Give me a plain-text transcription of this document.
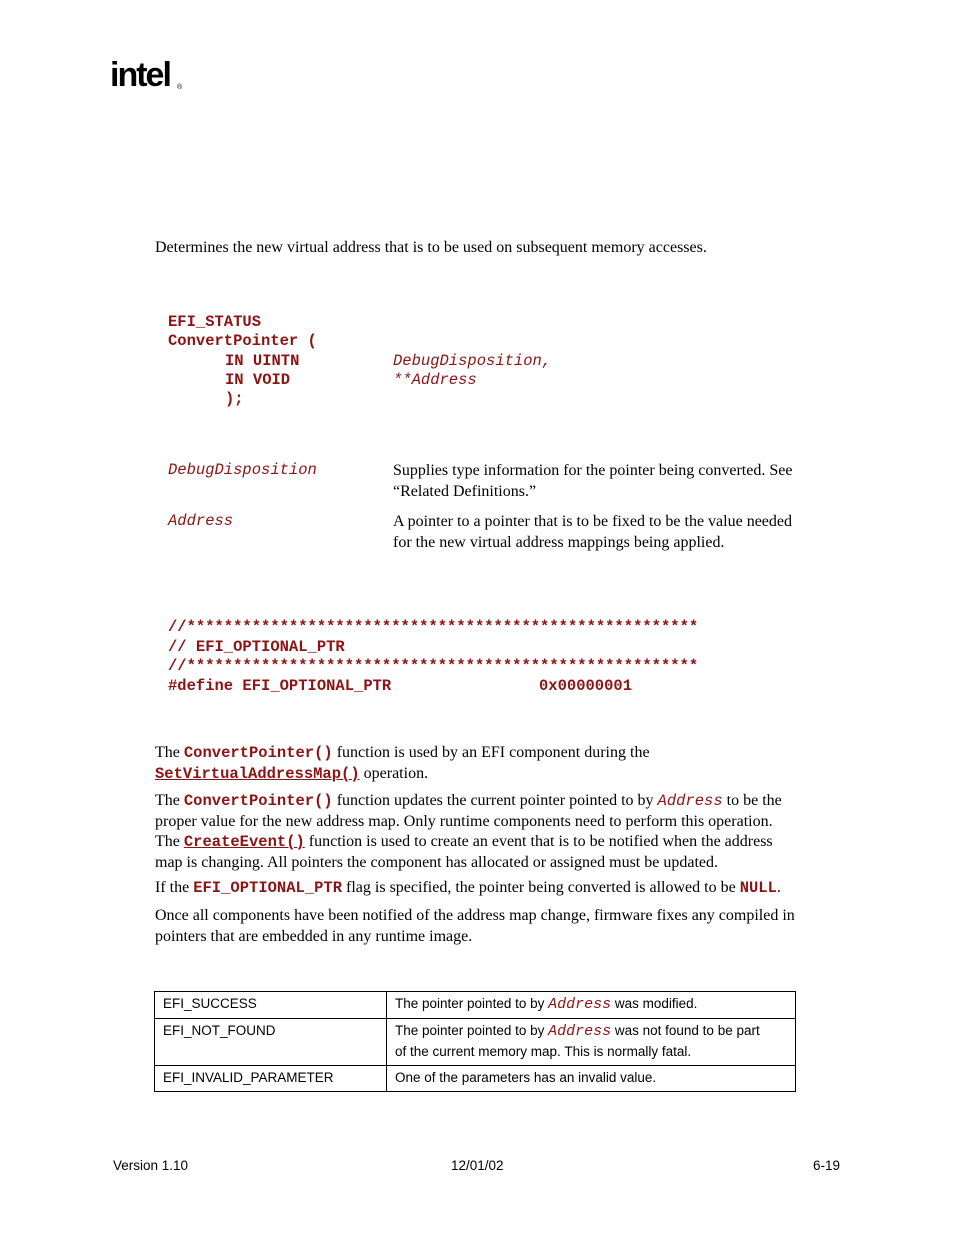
intel ®
Determines the new virtual address that is to be used on subsequent memory accesses.
EFI_STATUS
ConvertPointer (
IN UINTN	DebugDisposition,
IN VOID	**Address
);
DebugDisposition	Supplies type information for the pointer being converted. See
“Related Definitions.”
Address	A pointer to a pointer that is to be fixed to be the value needed
for the new virtual address mappings being applied.
//*******************************************************
// EFI_OPTIONAL_PTR
//*******************************************************
#define EFI_OPTIONAL_PTR	0x00000001
The ConvertPointer() function is used by an EFI component during the
SetVirtualAddressMap() operation.
The ConvertPointer() function updates the current pointer pointed to by Address to be the
proper value for the new address map. Only runtime components need to perform this operation.
The CreateEvent() function is used to create an event that is to be notified when the address
map is changing. All pointers the component has allocated or assigned must be updated.
If the EFI_OPTIONAL_PTR flag is specified, the pointer being converted is allowed to be NULL.
Once all components have been notified of the address map change, firmware fixes any compiled in
pointers that are embedded in any runtime image.
EFI_SUCCESS	The pointer pointed to by Address was modified.
EFI_NOT_FOUND	The pointer pointed to by Address was not found to be part
of the current memory map. This is normally fatal.
EFI_INVALID_PARAMETER	One of the parameters has an invalid value.
Version 1.10	12/01/02	6-19
